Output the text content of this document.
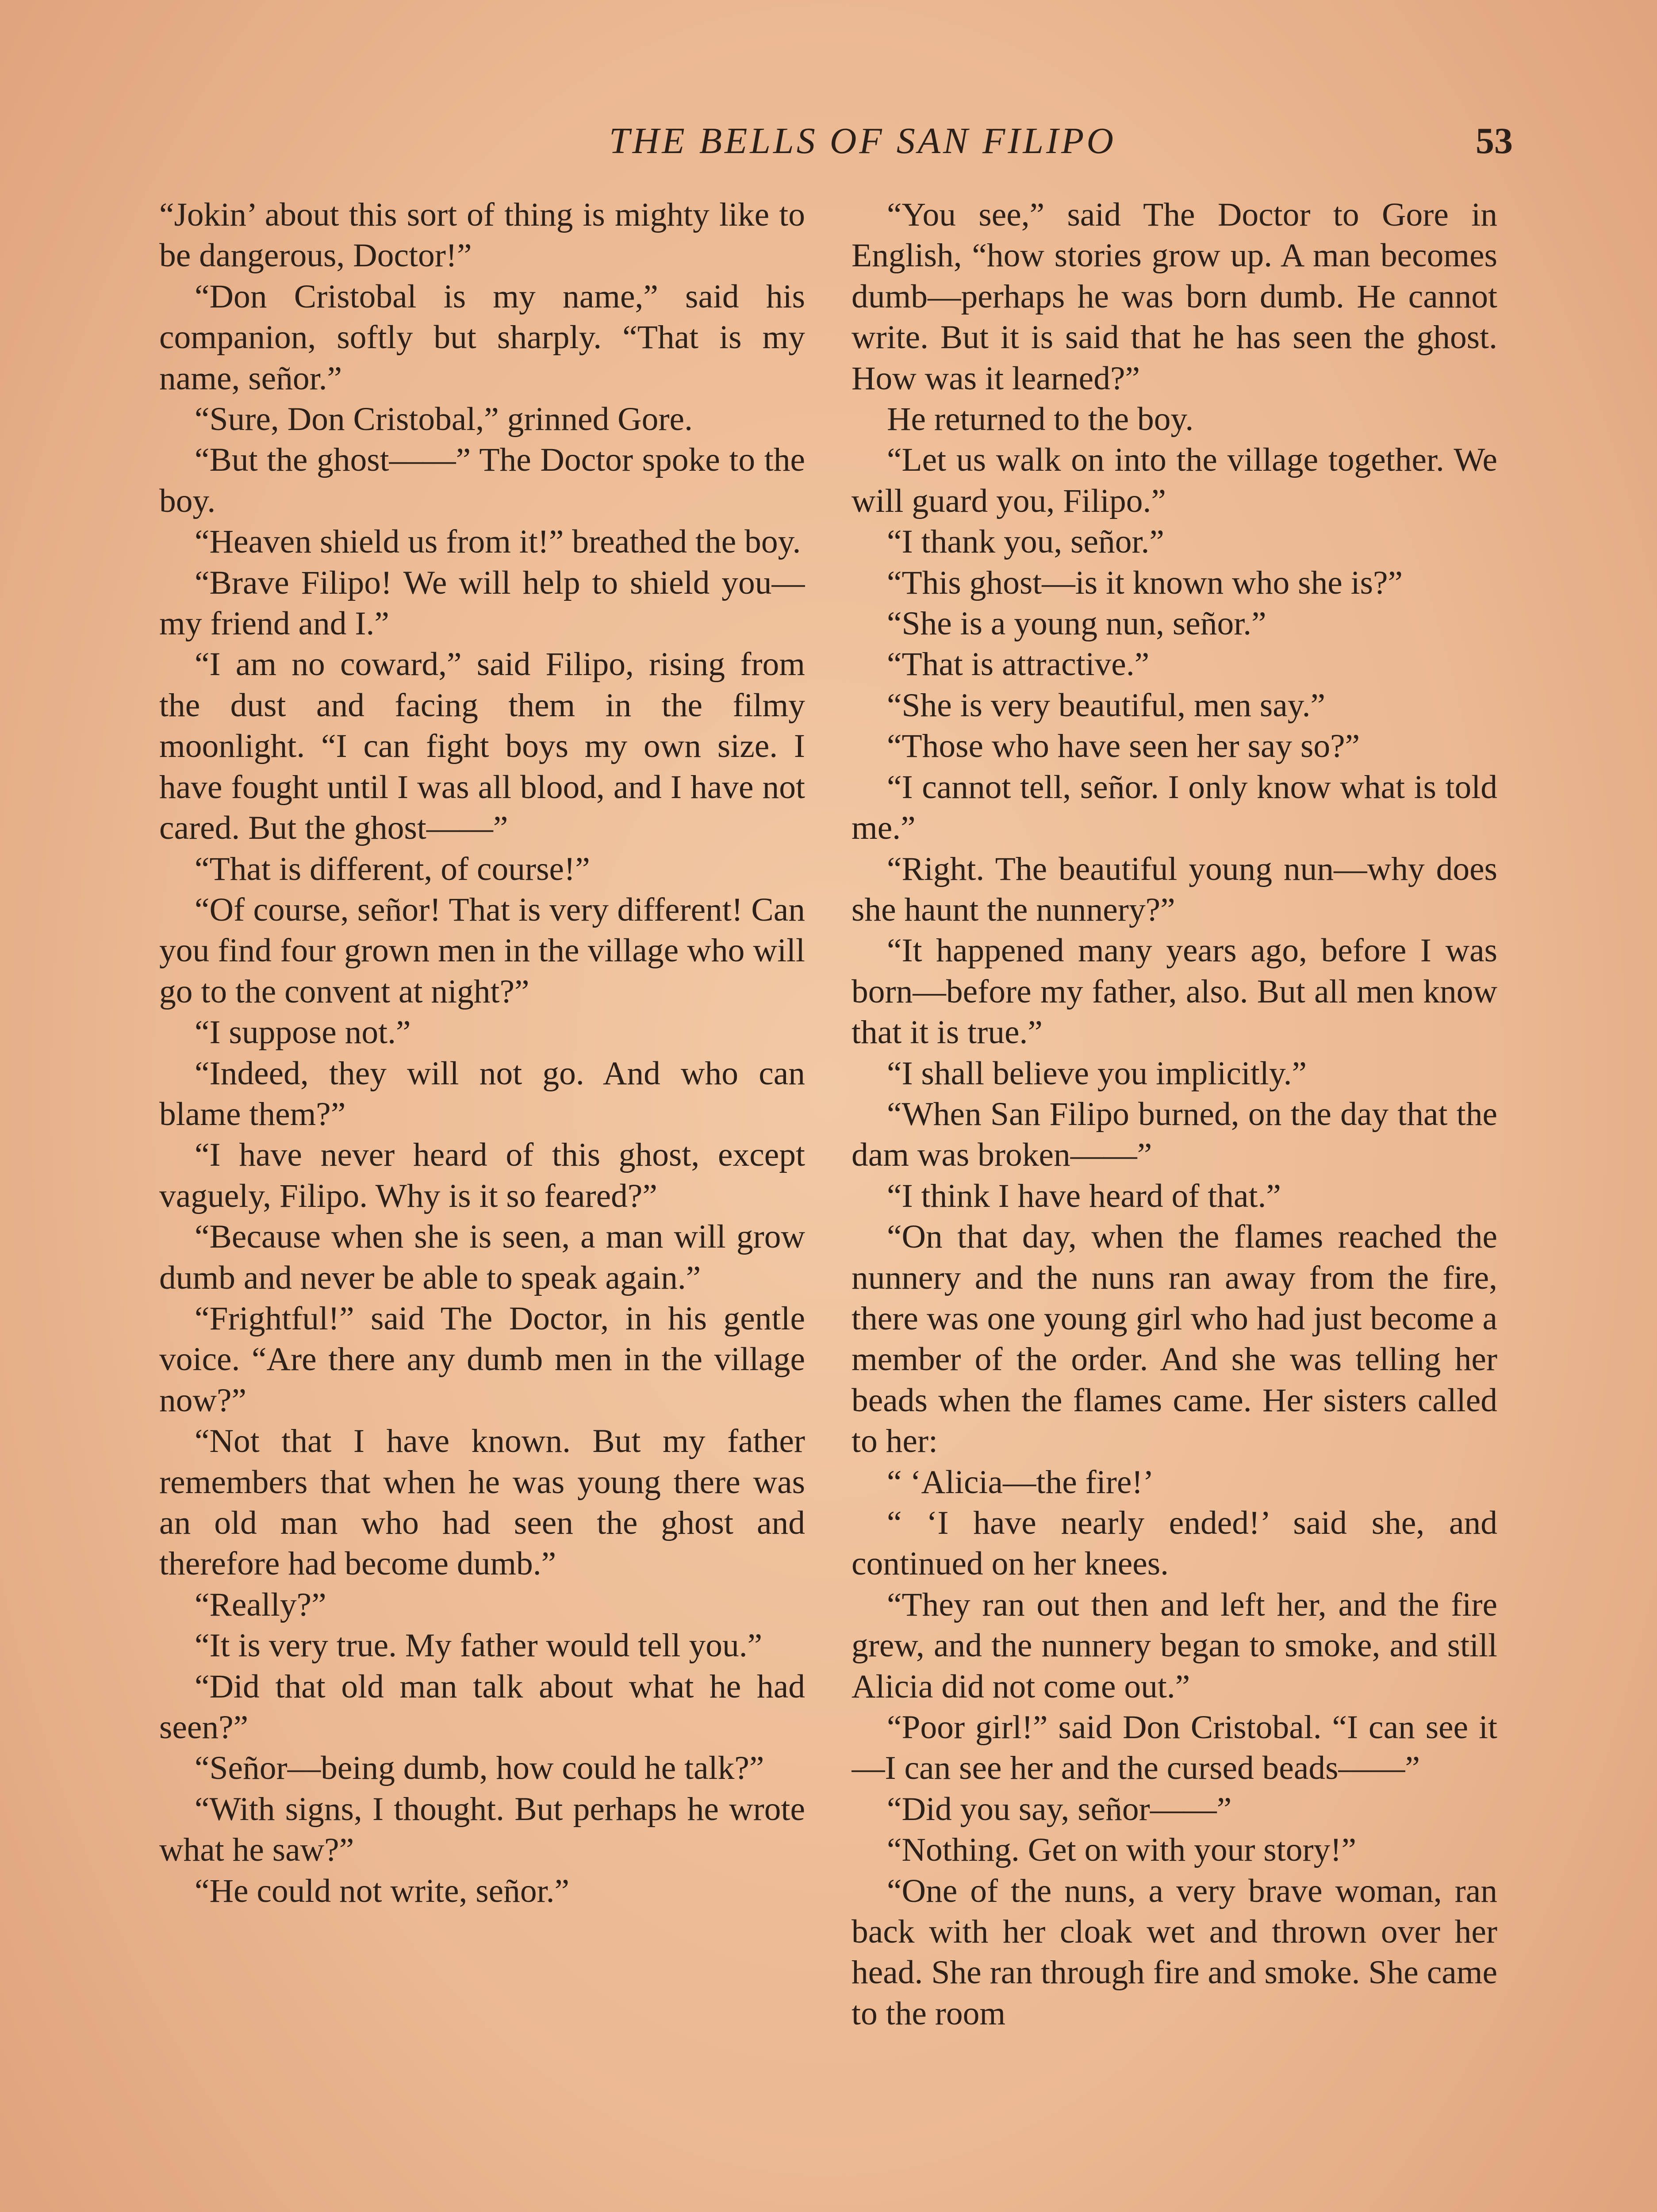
THE BELLS OF SAN FILIPO	53

“Jokin’ about this sort of thing is mighty like to be dangerous, Doctor!”

“Don Cristobal is my name,” said his companion, softly but sharply. “That is my name, señor.”

“Sure, Don Cristobal,” grinned Gore.

“But the ghost——” The Doctor spoke to the boy.

“Heaven shield us from it!” breathed the boy.

“Brave Filipo! We will help to shield you—my friend and I.”

“I am no coward,” said Filipo, rising from the dust and facing them in the filmy moonlight. “I can fight boys my own size. I have fought until I was all blood, and I have not cared. But the ghost——”

“That is different, of course!”

“Of course, señor! That is very different! Can you find four grown men in the village who will go to the convent at night?”

“I suppose not.”

“Indeed, they will not go. And who can blame them?”

“I have never heard of this ghost, except vaguely, Filipo. Why is it so feared?”

“Because when she is seen, a man will grow dumb and never be able to speak again.”

“Frightful!” said The Doctor, in his gentle voice. “Are there any dumb men in the village now?”

“Not that I have known. But my father remembers that when he was young there was an old man who had seen the ghost and therefore had become dumb.”

“Really?”

“It is very true. My father would tell you.”

“Did that old man talk about what he had seen?”

“Señor—being dumb, how could he talk?”

“With signs, I thought. But perhaps he wrote what he saw?”

“He could not write, señor.”

“You see,” said The Doctor to Gore in English, “how stories grow up. A man becomes dumb—perhaps he was born dumb. He cannot write. But it is said that he has seen the ghost. How was it learned?”

He returned to the boy.

“Let us walk on into the village together. We will guard you, Filipo.”

“I thank you, señor.”

“This ghost—is it known who she is?”

“She is a young nun, señor.”

“That is attractive.”

“She is very beautiful, men say.”

“Those who have seen her say so?”

“I cannot tell, señor. I only know what is told me.”

“Right. The beautiful young nun—why does she haunt the nunnery?”

“It happened many years ago, before I was born—before my father, also. But all men know that it is true.”

“I shall believe you implicitly.”

“When San Filipo burned, on the day that the dam was broken——”

“I think I have heard of that.”

“On that day, when the flames reached the nunnery and the nuns ran away from the fire, there was one young girl who had just become a member of the order. And she was telling her beads when the flames came. Her sisters called to her:

“ ‘Alicia—the fire!’

“ ‘I have nearly ended!’ said she, and continued on her knees.

“They ran out then and left her, and the fire grew, and the nunnery began to smoke, and still Alicia did not come out.”

“Poor girl!” said Don Cristobal. “I can see it—I can see her and the cursed beads——”

“Did you say, señor——”

“Nothing. Get on with your story!”

“One of the nuns, a very brave woman, ran back with her cloak wet and thrown over her head. She ran through fire and smoke. She came to the room
